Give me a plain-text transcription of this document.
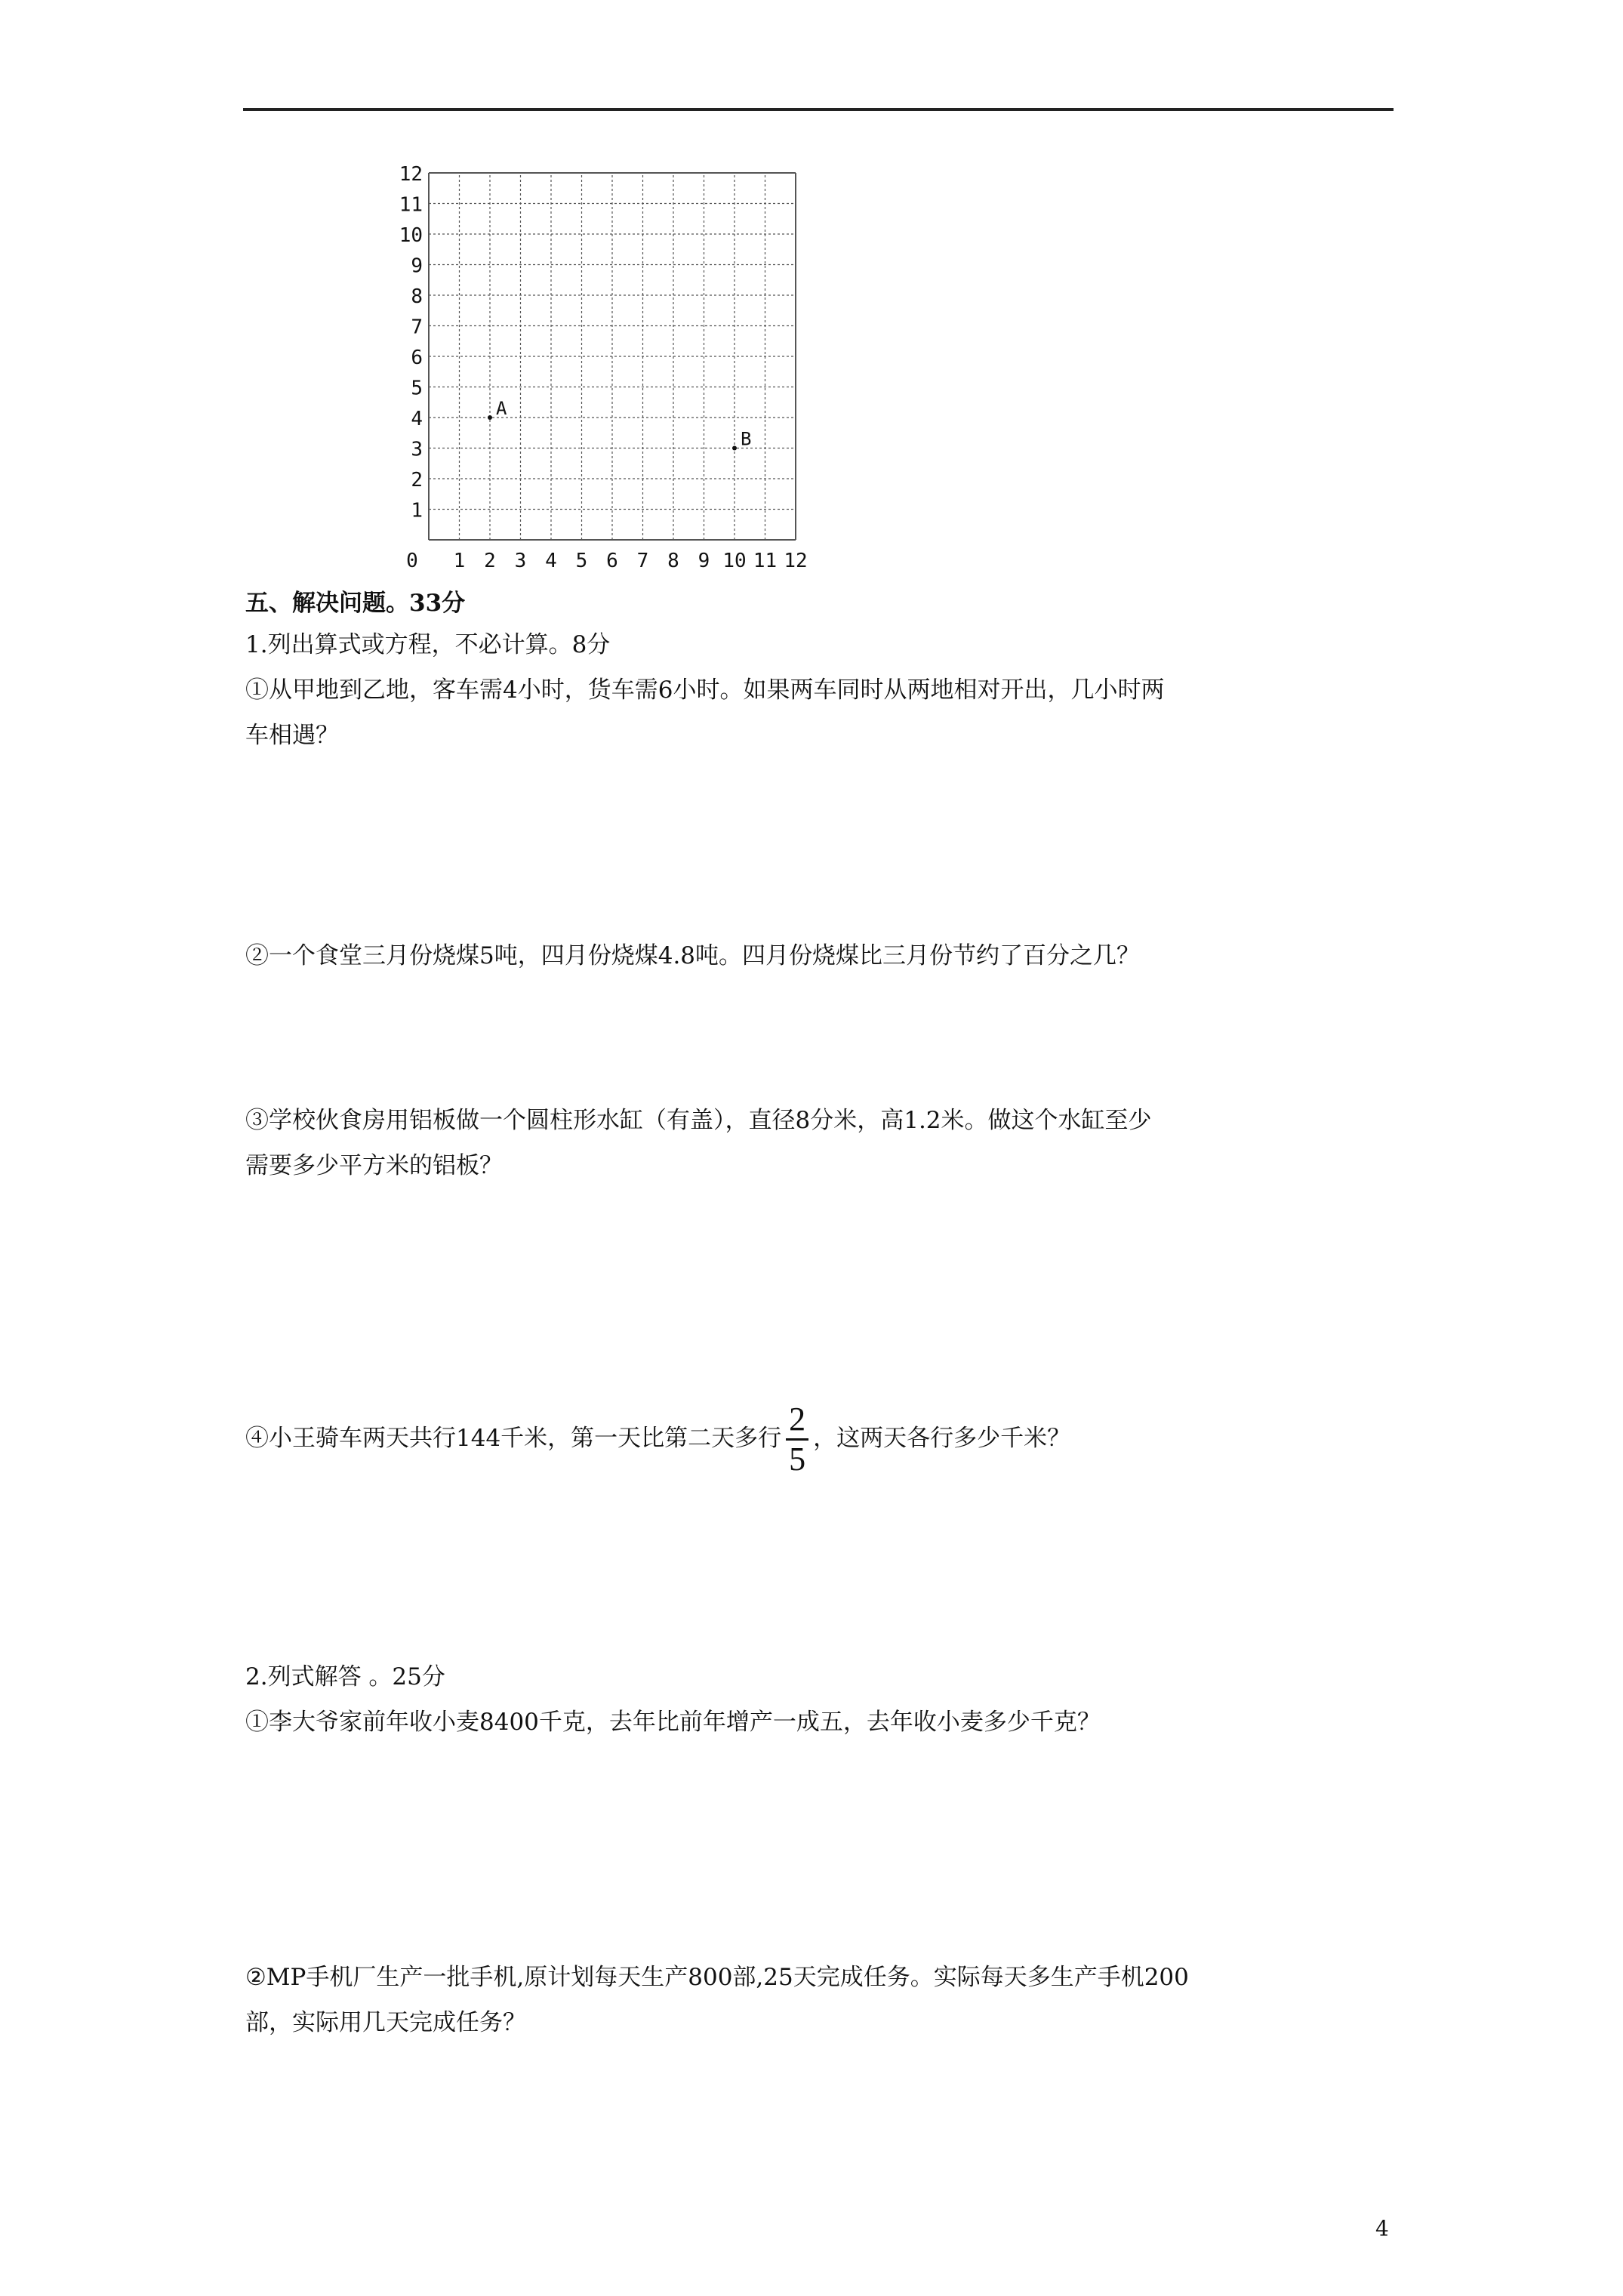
12
11
10
9
8
7
6
5
4
3
2
1
0 1 2 3 4 5 6 7 8 9 10 11 12
A
B
五、解决问题。33分
1.列出算式或方程，不必计算。8分
①从甲地到乙地，客车需4小时，货车需6小时。如果两车同时从两地相对开出，几小时两
车相遇？
②一个食堂三月份烧煤5吨，四月份烧煤4.8吨。四月份烧煤比三月份节约了百分之几？
③学校伙食房用铝板做一个圆柱形水缸（有盖），直径8分米，高1.2米。做这个水缸至少
需要多少平方米的铝板？
④小王骑车两天共行144千米，第一天比第二天多行 $\frac{2}{5}$ ，这两天各行多少千米？
2.列式解答 。25分
①李大爷家前年收小麦8400千克，去年比前年增产一成五，去年收小麦多少千克？
②MP手机厂生产一批手机,原计划每天生产800部,25天完成任务。实际每天多生产手机200
部，实际用几天完成任务？
4
